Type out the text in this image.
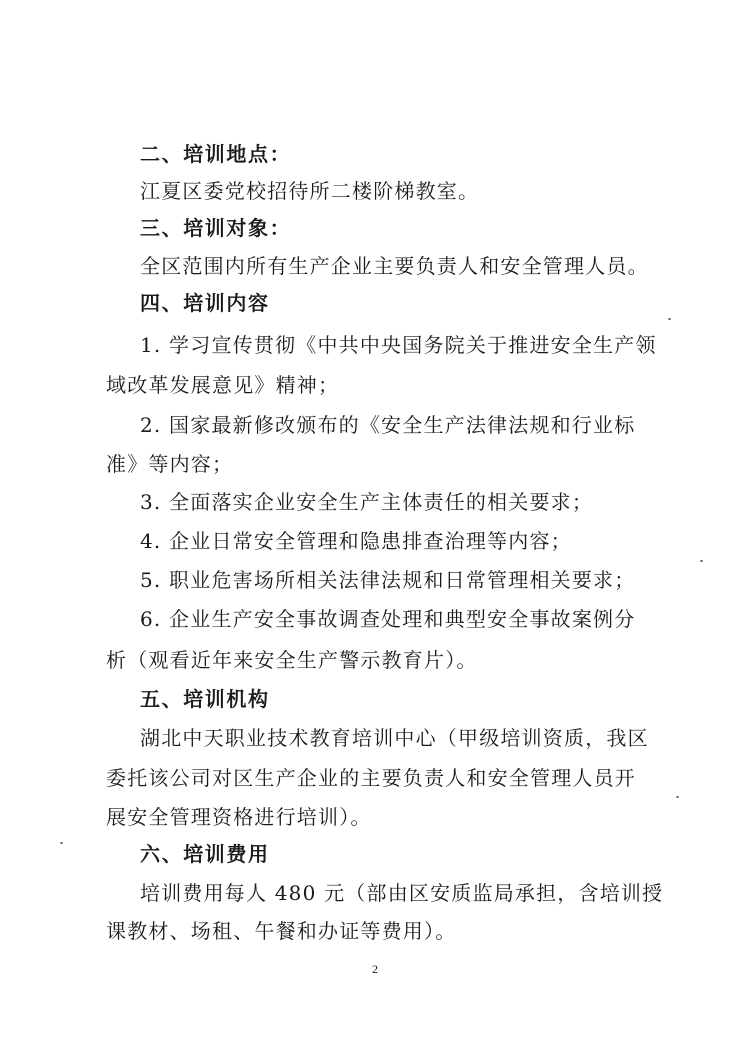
二、培训地点：
江夏区委党校招待所二楼阶梯教室。
三、培训对象：
全区范围内所有生产企业主要负责人和安全管理人员。
四、培训内容
1. 学习宣传贯彻《中共中央国务院关于推进安全生产领
域改革发展意见》精神；
2. 国家最新修改颁布的《安全生产法律法规和行业标
准》等内容；
3. 全面落实企业安全生产主体责任的相关要求；
4. 企业日常安全管理和隐患排查治理等内容；
5. 职业危害场所相关法律法规和日常管理相关要求；
6. 企业生产安全事故调查处理和典型安全事故案例分
析（观看近年来安全生产警示教育片）。
五、培训机构
湖北中天职业技术教育培训中心（甲级培训资质，我区
委托该公司对区生产企业的主要负责人和安全管理人员开
展安全管理资格进行培训）。
六、培训费用
培训费用每人 480 元（部由区安质监局承担，含培训授
课教材、场租、午餐和办证等费用）。
2
